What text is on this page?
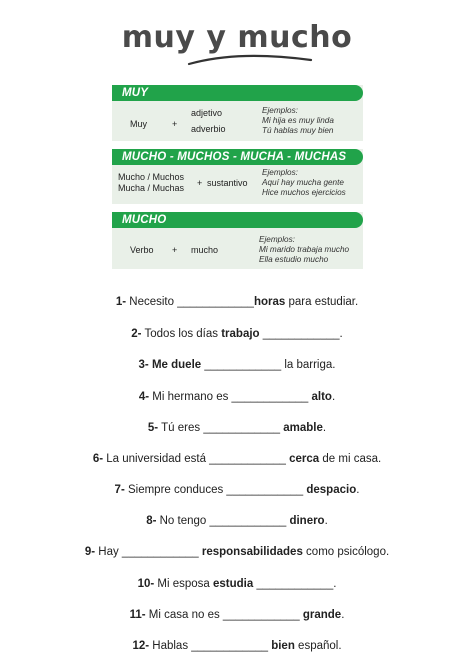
muy y mucho
MUY
Muy	+
adjetivo
adverbio
Ejemplos:
Mi hija es muy linda
Tú hablas muy bien
MUCHO - MUCHOS - MUCHA - MUCHAS
Mucho / Muchos
Mucha / Muchas + sustantivo
Ejemplos:
Aquí hay mucha gente
Hice muchos ejercicios
MUCHO
Verbo + mucho
Ejemplos:
Mi marido trabaja mucho
Ella estudio mucho
1- Necesito ____________horas para estudiar.
2- Todos los días trabajo ____________.
3- Me duele ____________ la barriga.
4- Mi hermano es ____________ alto.
5- Tú eres ____________ amable.
6- La universidad está ____________ cerca de mi casa.
7- Siempre conduces ____________ despacio.
8- No tengo ____________ dinero.
9- Hay ____________ responsabilidades como psicólogo.
10- Mi esposa estudia ____________.
11- Mi casa no es ____________ grande.
12- Hablas ____________ bien español.
